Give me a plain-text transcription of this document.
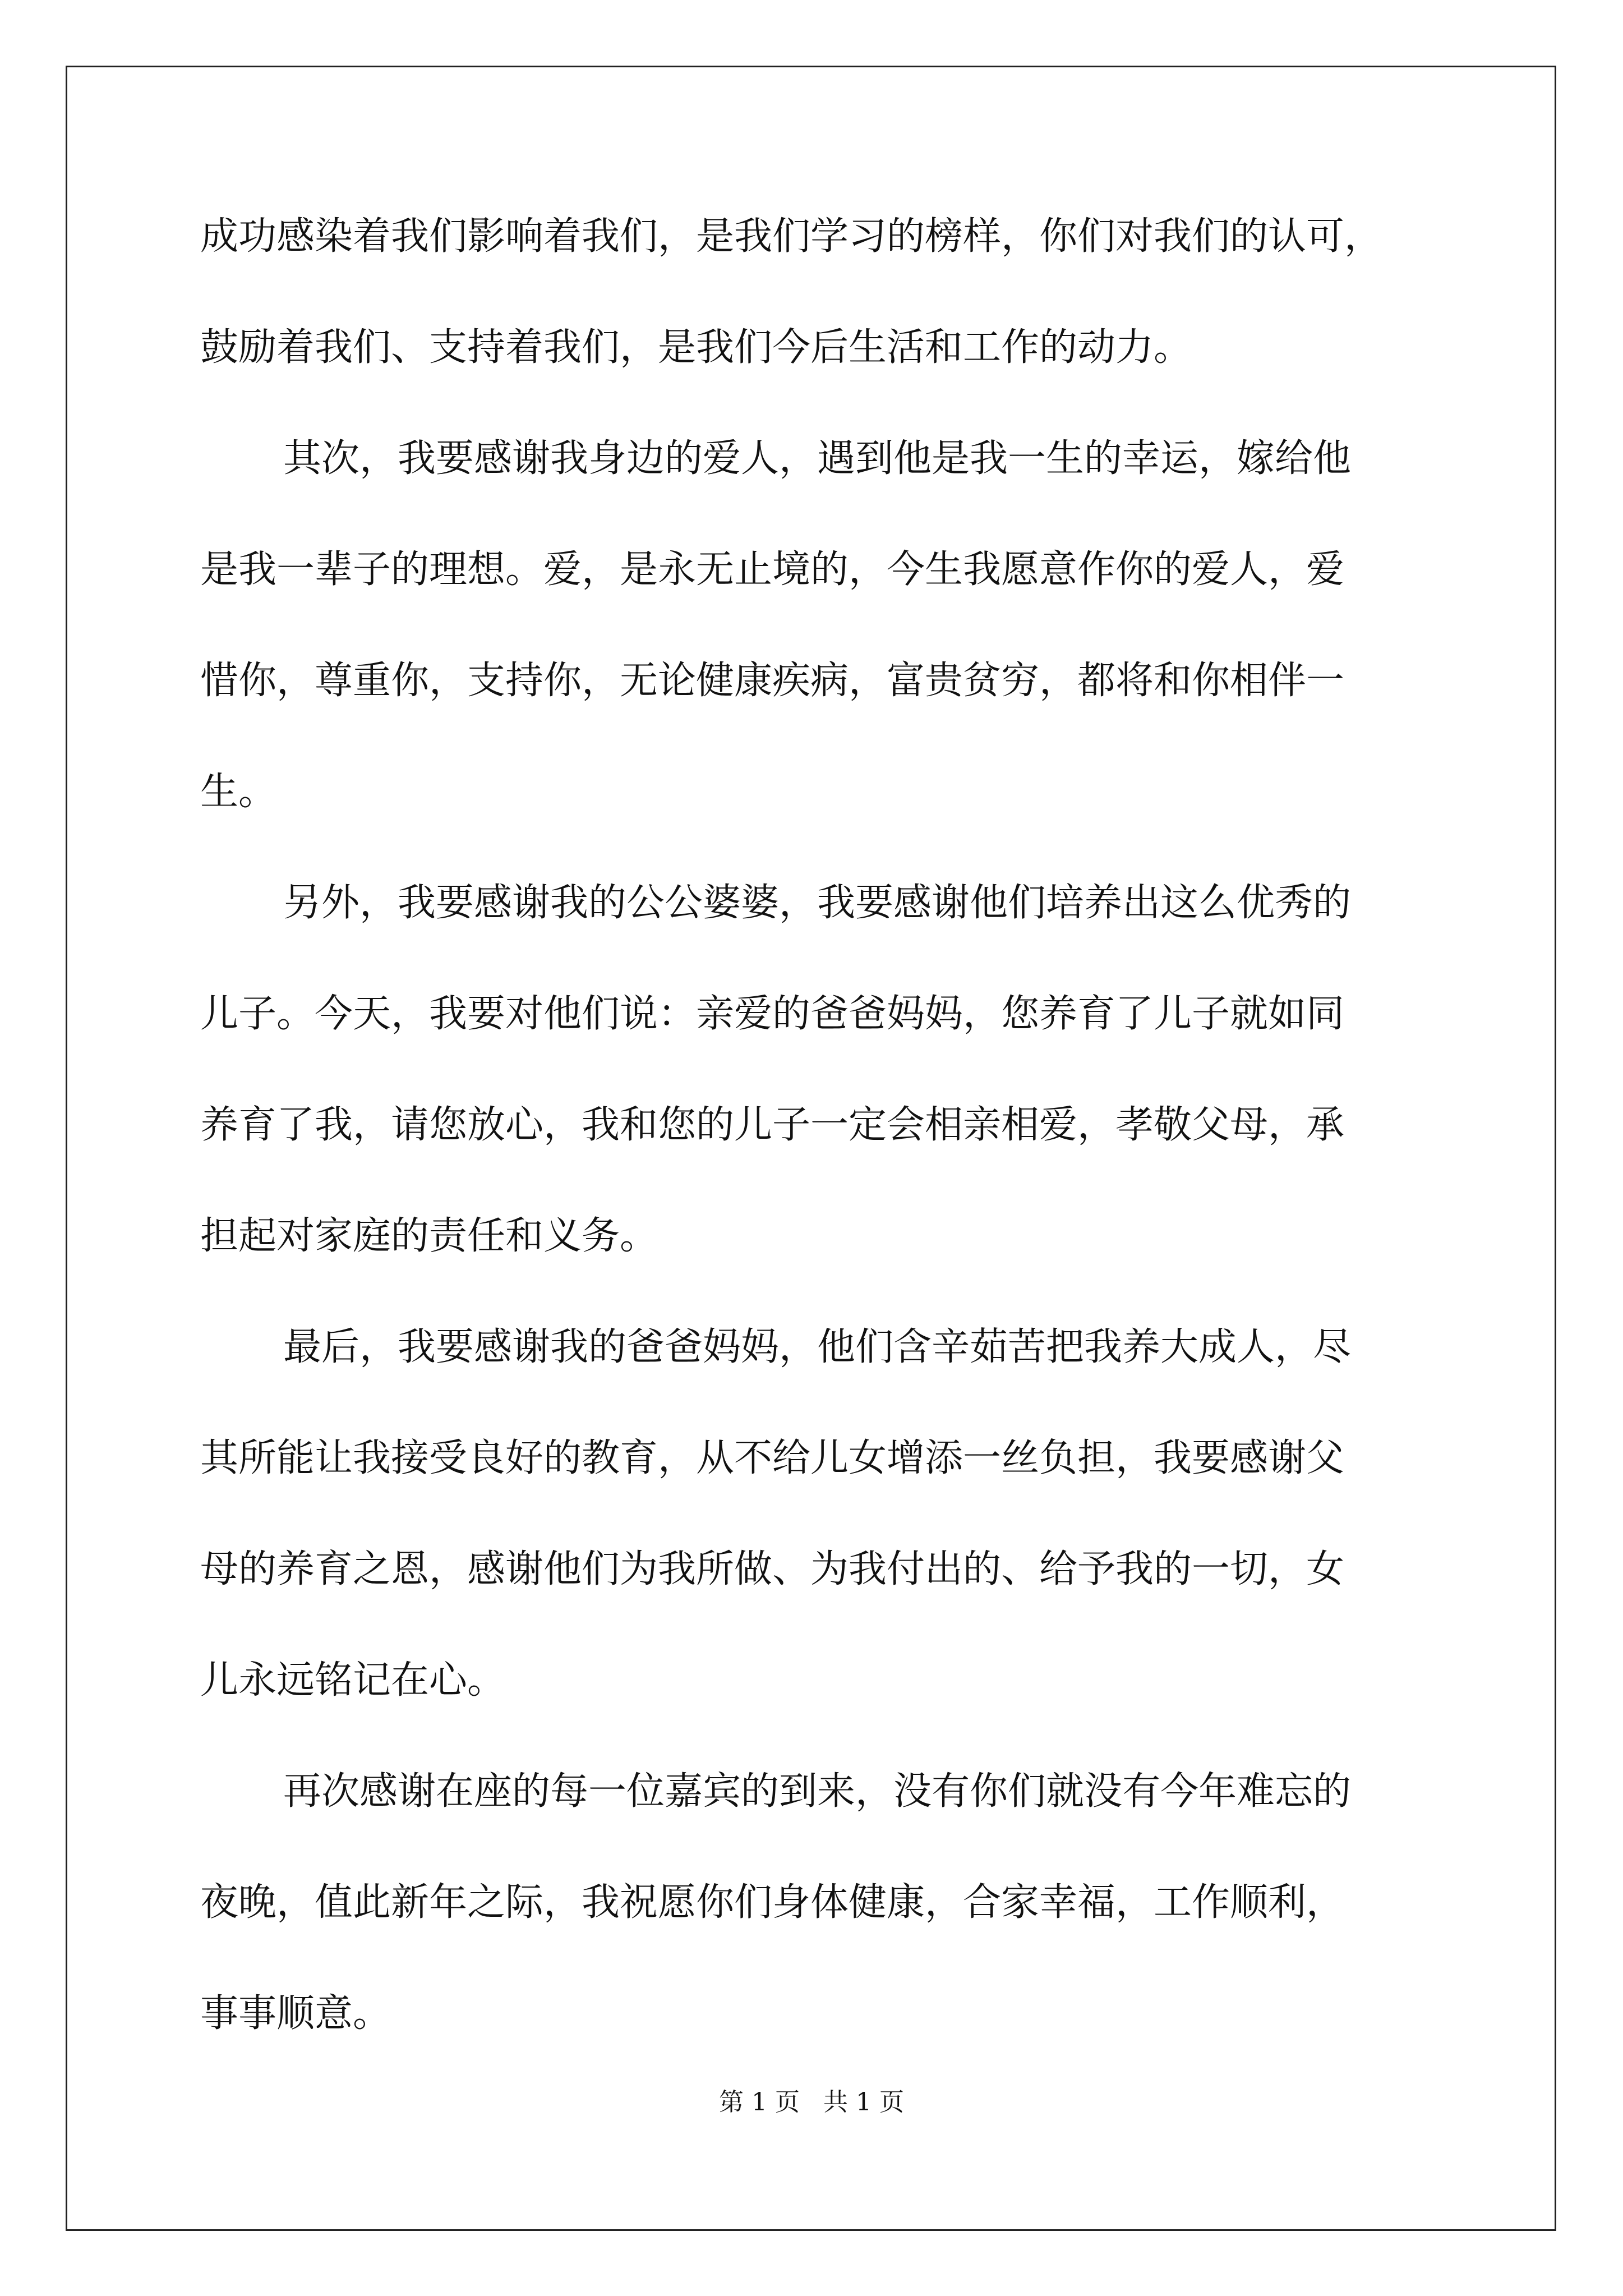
成功感染着我们影响着我们，是我们学习的榜样，你们对我们的认可，
鼓励着我们、支持着我们，是我们今后生活和工作的动力。
其次，我要感谢我身边的爱人，遇到他是我一生的幸运，嫁给他
是我一辈子的理想。爱，是永无止境的，今生我愿意作你的爱人，爱
惜你，尊重你，支持你，无论健康疾病，富贵贫穷，都将和你相伴一
生。
另外，我要感谢我的公公婆婆，我要感谢他们培养出这么优秀的
儿子。今天，我要对他们说：亲爱的爸爸妈妈，您养育了儿子就如同
养育了我，请您放心，我和您的儿子一定会相亲相爱，孝敬父母，承
担起对家庭的责任和义务。
最后，我要感谢我的爸爸妈妈，他们含辛茹苦把我养大成人，尽
其所能让我接受良好的教育，从不给儿女增添一丝负担，我要感谢父
母的养育之恩，感谢他们为我所做、为我付出的、给予我的一切，女
儿永远铭记在心。
再次感谢在座的每一位嘉宾的到来，没有你们就没有今年难忘的
夜晚，值此新年之际，我祝愿你们身体健康，合家幸福，工作顺利，
事事顺意。
第 1 页   共 1 页
